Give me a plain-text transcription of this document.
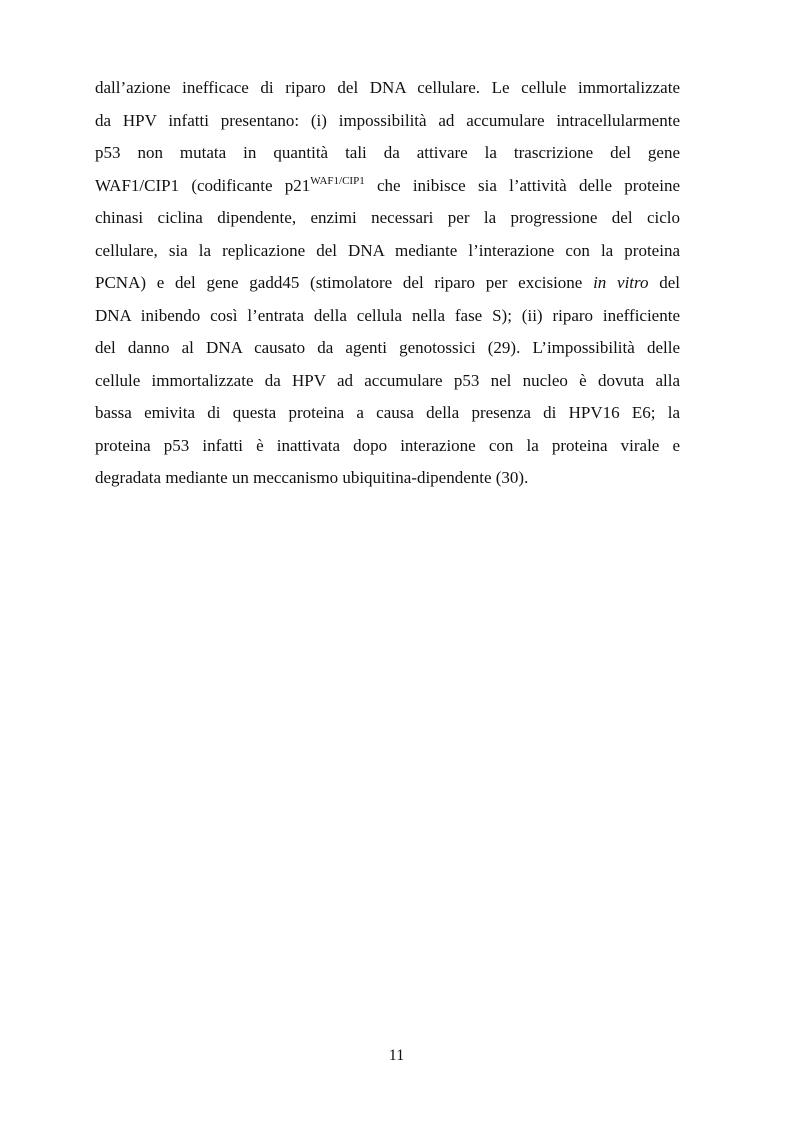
dall’azione inefficace di riparo del DNA cellulare. Le cellule immortalizzate
da HPV infatti presentano: (i) impossibilità ad accumulare intracellularmente
p53 non mutata in quantità tali da attivare la trascrizione del gene
WAF1/CIP1 (codificante $p21^{WAF1/CIP1}$ che inibisce sia l’attività delle proteine
chinasi ciclina dipendente, enzimi necessari per la progressione del ciclo
cellulare, sia la replicazione del DNA mediante l’interazione con la proteina
PCNA) e del gene gadd45 (stimolatore del riparo per excisione in vitro del
DNA inibendo così l’entrata della cellula nella fase S); (ii) riparo inefficiente
del danno al DNA causato da agenti genotossici (29). L’impossibilità delle
cellule immortalizzate da HPV ad accumulare p53 nel nucleo è dovuta alla
bassa emivita di questa proteina a causa della presenza di HPV16 E6; la
proteina p53 infatti è inattivata dopo interazione con la proteina virale e
degradata mediante un meccanismo ubiquitina-dipendente (30).
11
